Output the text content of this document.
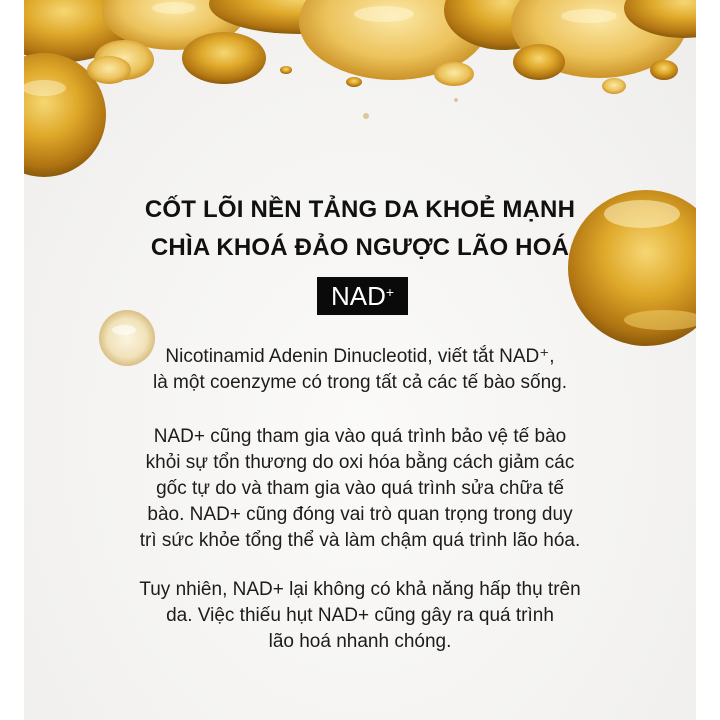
CỐT LÕI NỀN TẢNG DA KHOẺ MẠNH
CHÌA KHOÁ ĐẢO NGƯỢC LÃO HOÁ
NAD+

Nicotinamid Adenin Dinucleotid, viết tắt NAD⁺,
là một coenzyme có trong tất cả các tế bào sống.

NAD+ cũng tham gia vào quá trình bảo vệ tế bào
khỏi sự tổn thương do oxi hóa bằng cách giảm các
gốc tự do và tham gia vào quá trình sửa chữa tế
bào. NAD+ cũng đóng vai trò quan trọng trong duy
trì sức khỏe tổng thể và làm chậm quá trình lão hóa.

Tuy nhiên, NAD+ lại không có khả năng hấp thụ trên
da. Việc thiếu hụt NAD+ cũng gây ra quá trình
lão hoá nhanh chóng.
